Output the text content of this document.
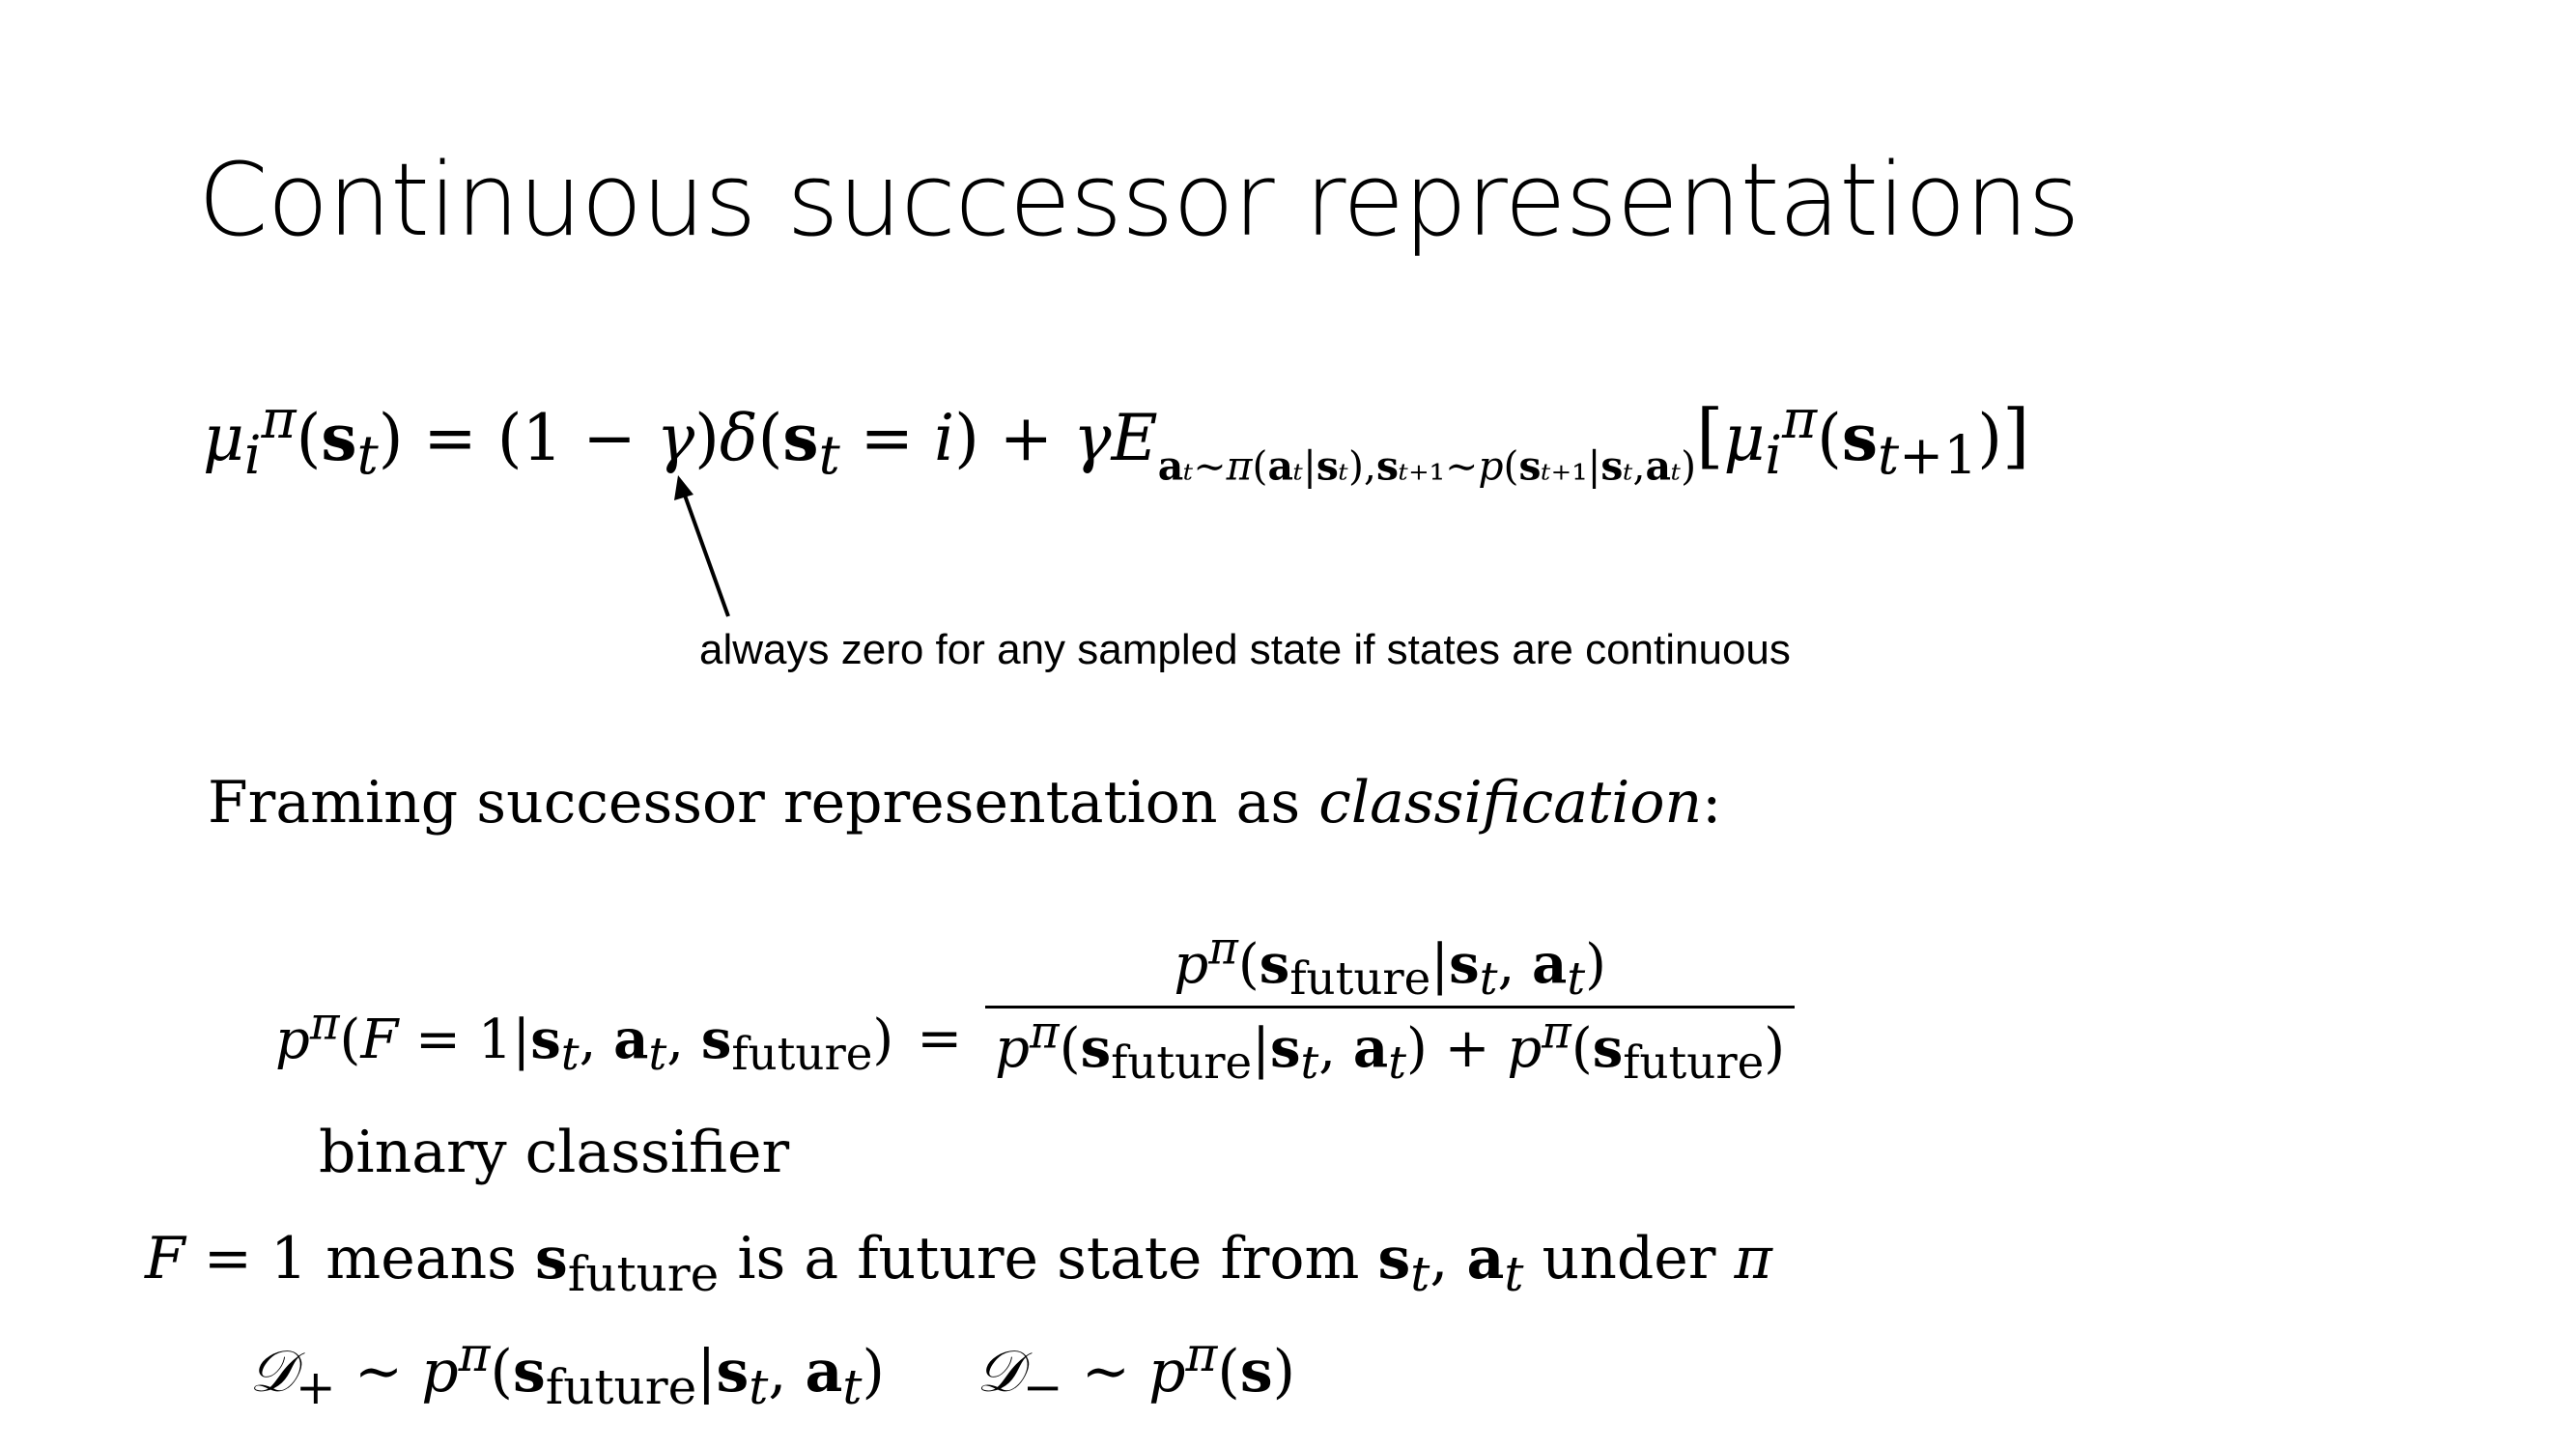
Continuous successor representations
$\mu_i^\pi(s_t) = (1 - \gamma)\delta(s_t = i) + \gamma E_{a_t\sim\pi(a_t|s_t),s_{t+1}\sim p(s_{t+1}|s_t,a_t)}[\mu_i^\pi(s_{t+1})]$
always zero for any sampled state if states are continuous
Framing successor representation as classification:
$p^\pi(F = 1|s_t$, $a_t$, $s_{future}) = \frac{p^\pi(s_{future}|s_t, a_t)}{p^\pi(s_{future}|s_t, a_t) + p^\pi(s_{future})}$
binary classifier
F = 1 means $s_{future}$ is a future state from $s_t$, $a_t$ under π
𝒟$_+$ ∼ $p^\pi(s_{future}|s_t$, $a_t$) 𝒟$_-$ ∼ $p^\pi(s)$
